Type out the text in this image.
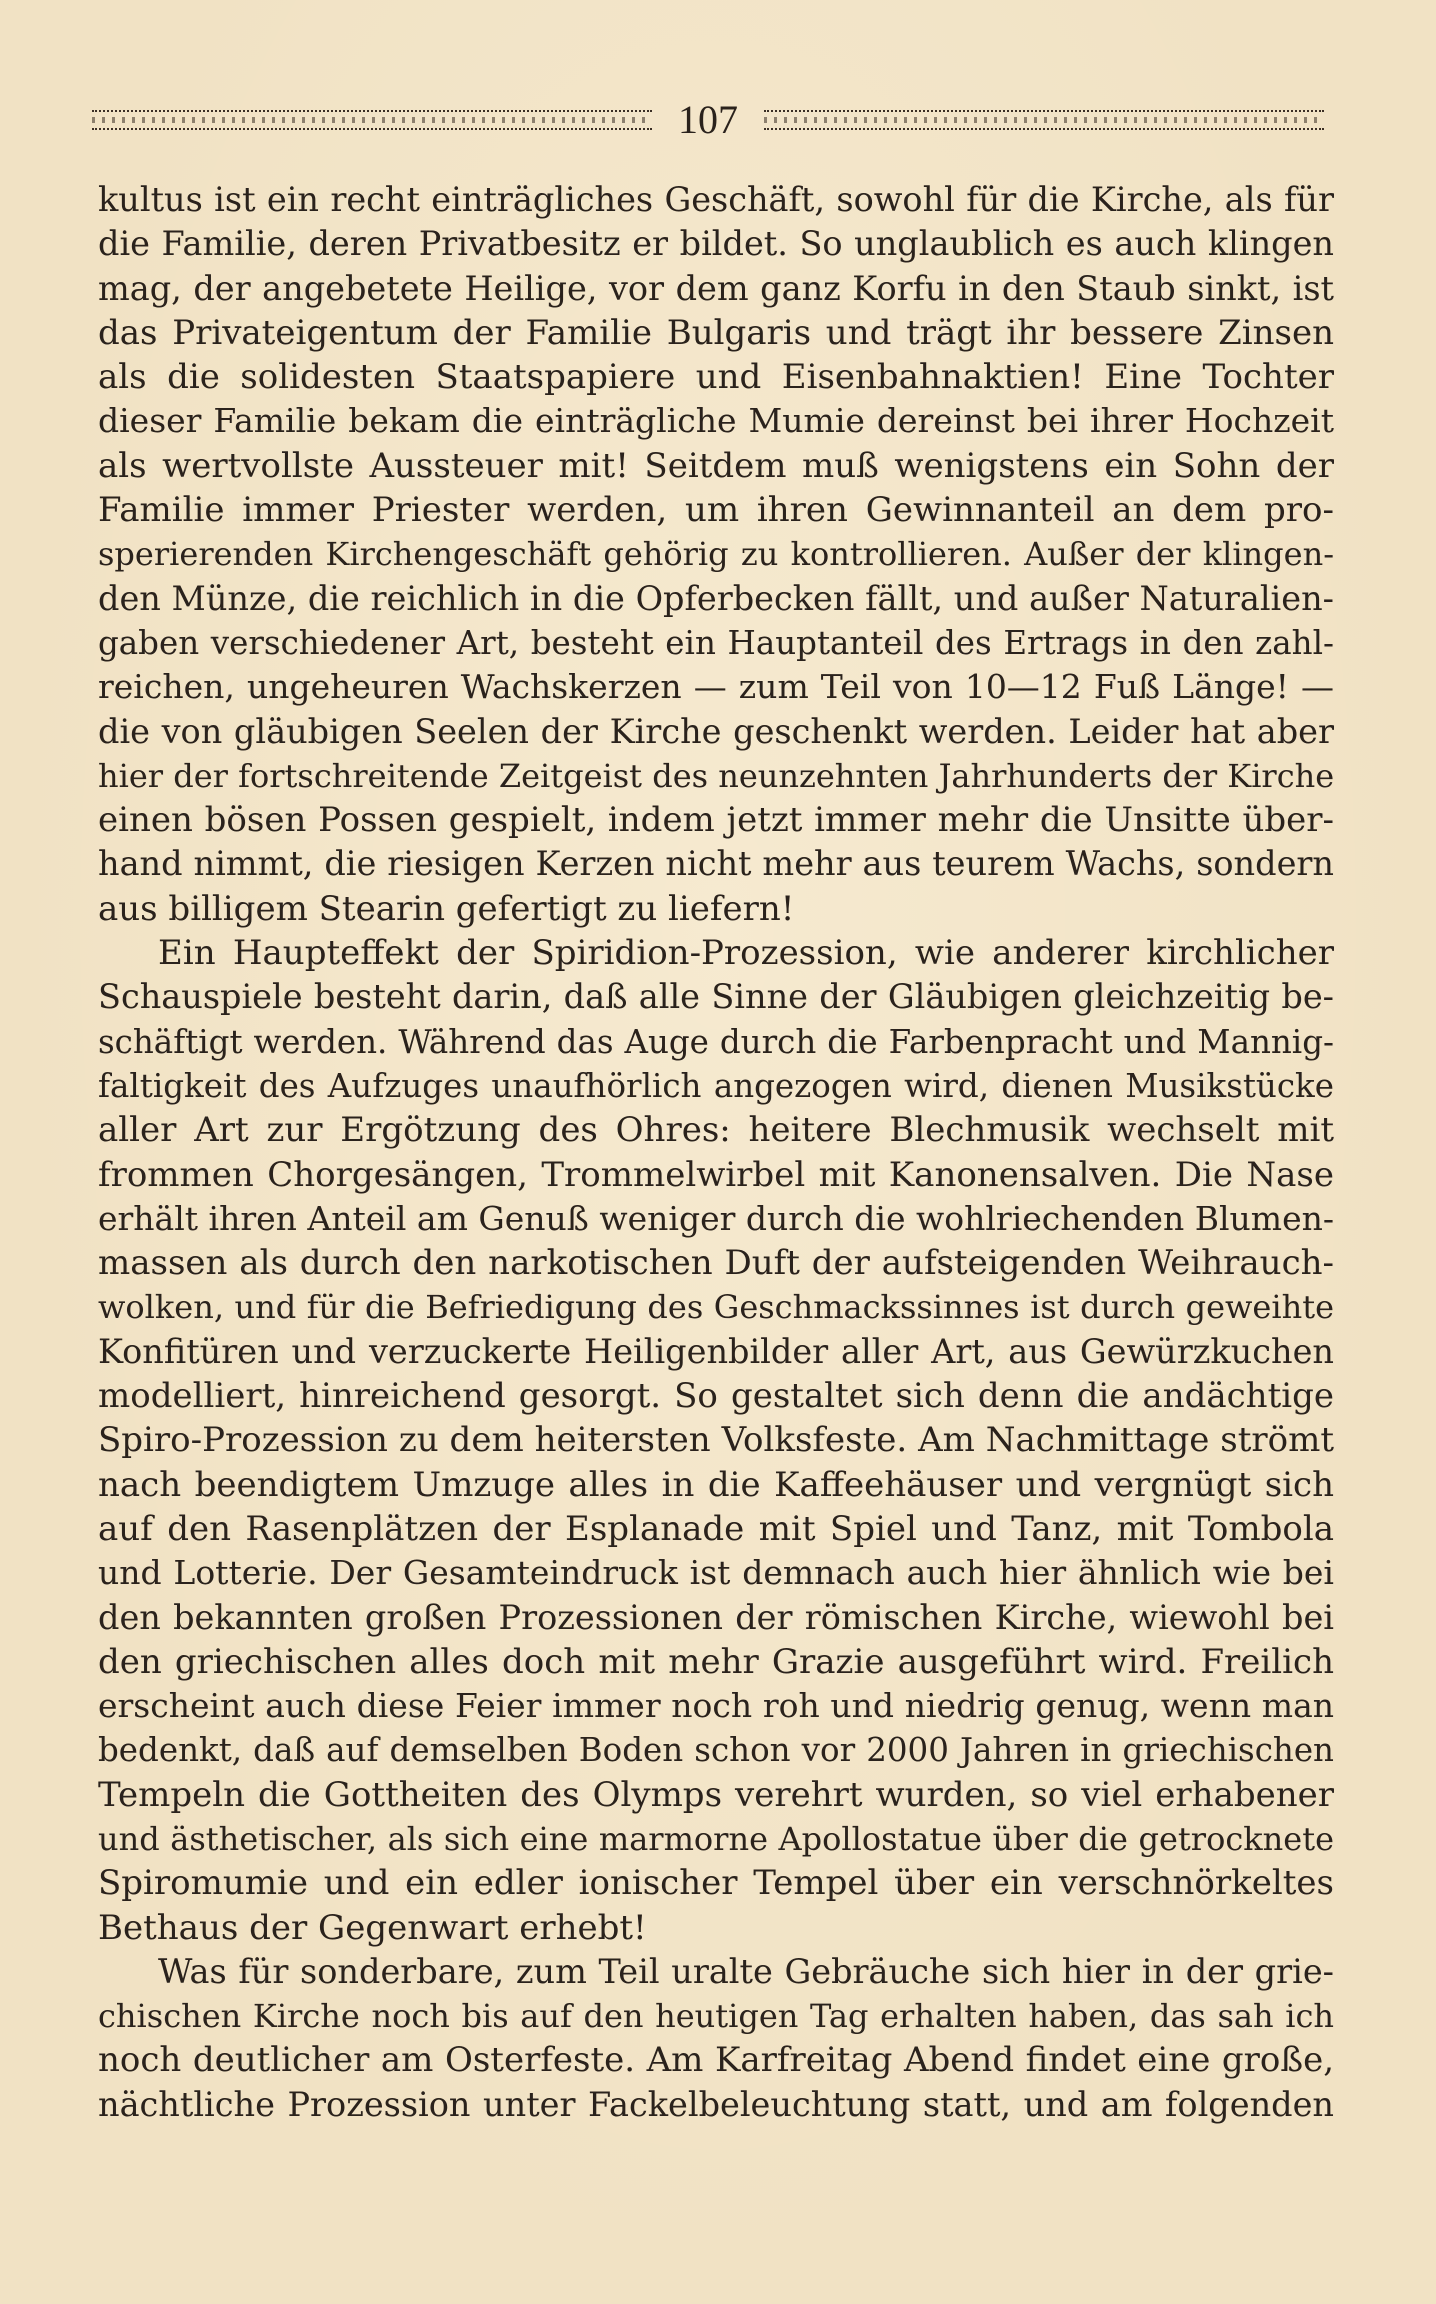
107
kultus ist ein recht einträgliches Geschäft, sowohl für die Kirche, als für
die Familie, deren Privatbesitz er bildet. So unglaublich es auch klingen
mag, der angebetete Heilige, vor dem ganz Korfu in den Staub sinkt, ist
das Privateigentum der Familie Bulgaris und trägt ihr bessere Zinsen
als die solidesten Staatspapiere und Eisenbahnaktien! Eine Tochter
dieser Familie bekam die einträgliche Mumie dereinst bei ihrer Hochzeit
als wertvollste Aussteuer mit! Seitdem muß wenigstens ein Sohn der
Familie immer Priester werden, um ihren Gewinnanteil an dem pro-
sperierenden Kirchengeschäft gehörig zu kontrollieren. Außer der klingen-
den Münze, die reichlich in die Opferbecken fällt, und außer Naturalien-
gaben verschiedener Art, besteht ein Hauptanteil des Ertrags in den zahl-
reichen, ungeheuren Wachskerzen — zum Teil von 10—12 Fuß Länge! —
die von gläubigen Seelen der Kirche geschenkt werden. Leider hat aber
hier der fortschreitende Zeitgeist des neunzehnten Jahrhunderts der Kirche
einen bösen Possen gespielt, indem jetzt immer mehr die Unsitte über-
hand nimmt, die riesigen Kerzen nicht mehr aus teurem Wachs, sondern
aus billigem Stearin gefertigt zu liefern!
Ein Haupteffekt der Spiridion-Prozession, wie anderer kirchlicher
Schauspiele besteht darin, daß alle Sinne der Gläubigen gleichzeitig be-
schäftigt werden. Während das Auge durch die Farbenpracht und Mannig-
faltigkeit des Aufzuges unaufhörlich angezogen wird, dienen Musikstücke
aller Art zur Ergötzung des Ohres: heitere Blechmusik wechselt mit
frommen Chorgesängen, Trommelwirbel mit Kanonensalven. Die Nase
erhält ihren Anteil am Genuß weniger durch die wohlriechenden Blumen-
massen als durch den narkotischen Duft der aufsteigenden Weihrauch-
wolken, und für die Befriedigung des Geschmackssinnes ist durch geweihte
Konfitüren und verzuckerte Heiligenbilder aller Art, aus Gewürzkuchen
modelliert, hinreichend gesorgt. So gestaltet sich denn die andächtige
Spiro-Prozession zu dem heitersten Volksfeste. Am Nachmittage strömt
nach beendigtem Umzuge alles in die Kaffeehäuser und vergnügt sich
auf den Rasenplätzen der Esplanade mit Spiel und Tanz, mit Tombola
und Lotterie. Der Gesamteindruck ist demnach auch hier ähnlich wie bei
den bekannten großen Prozessionen der römischen Kirche, wiewohl bei
den griechischen alles doch mit mehr Grazie ausgeführt wird. Freilich
erscheint auch diese Feier immer noch roh und niedrig genug, wenn man
bedenkt, daß auf demselben Boden schon vor 2000 Jahren in griechischen
Tempeln die Gottheiten des Olymps verehrt wurden, so viel erhabener
und ästhetischer, als sich eine marmorne Apollostatue über die getrocknete
Spiromumie und ein edler ionischer Tempel über ein verschnörkeltes
Bethaus der Gegenwart erhebt!
Was für sonderbare, zum Teil uralte Gebräuche sich hier in der grie-
chischen Kirche noch bis auf den heutigen Tag erhalten haben, das sah ich
noch deutlicher am Osterfeste. Am Karfreitag Abend findet eine große,
nächtliche Prozession unter Fackelbeleuchtung statt, und am folgenden
